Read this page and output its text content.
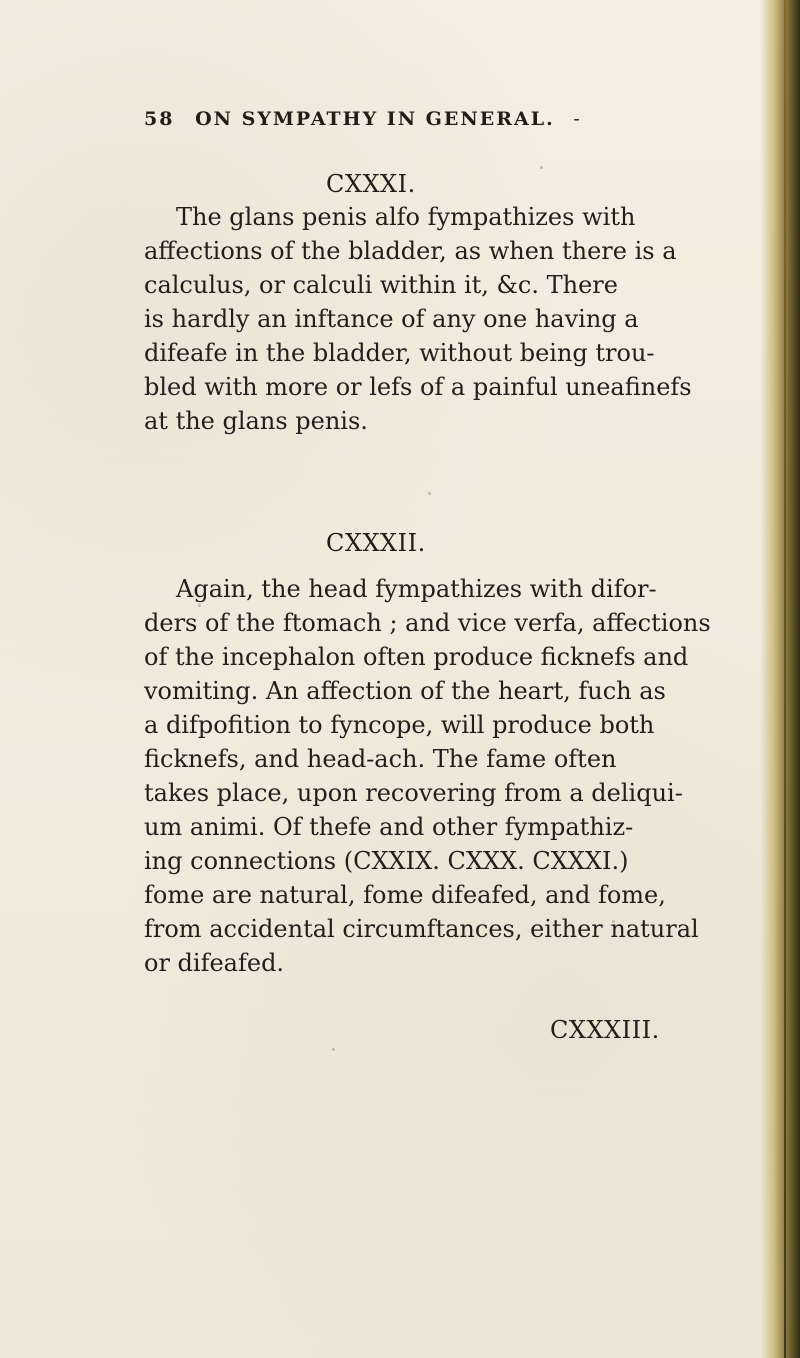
58 ON SYMPATHY IN GENERAL. -
CXXXI.
The glans penis alfo fympathizes with
affections of the bladder, as when there is a
calculus, or calculi within it, &c. There
is hardly an inftance of any one having a
difeafe in the bladder, without being trou-
bled with more or lefs of a painful uneafinefs
at the glans penis.
CXXXII.
Again, the head fympathizes with difor-
ders of the ftomach ; and vice verfa, affections
of the incephalon often produce ficknefs and
vomiting. An affection of the heart, fuch as
a difpofition to fyncope, will produce both
ficknefs, and head-ach. The fame often
takes place, upon recovering from a deliqui-
um animi. Of thefe and other fympathiz-
ing connections (CXXIX. CXXX. CXXXI.)
fome are natural, fome difeafed, and fome,
from accidental circumftances, either natural
or difeafed.
CXXXIII.
